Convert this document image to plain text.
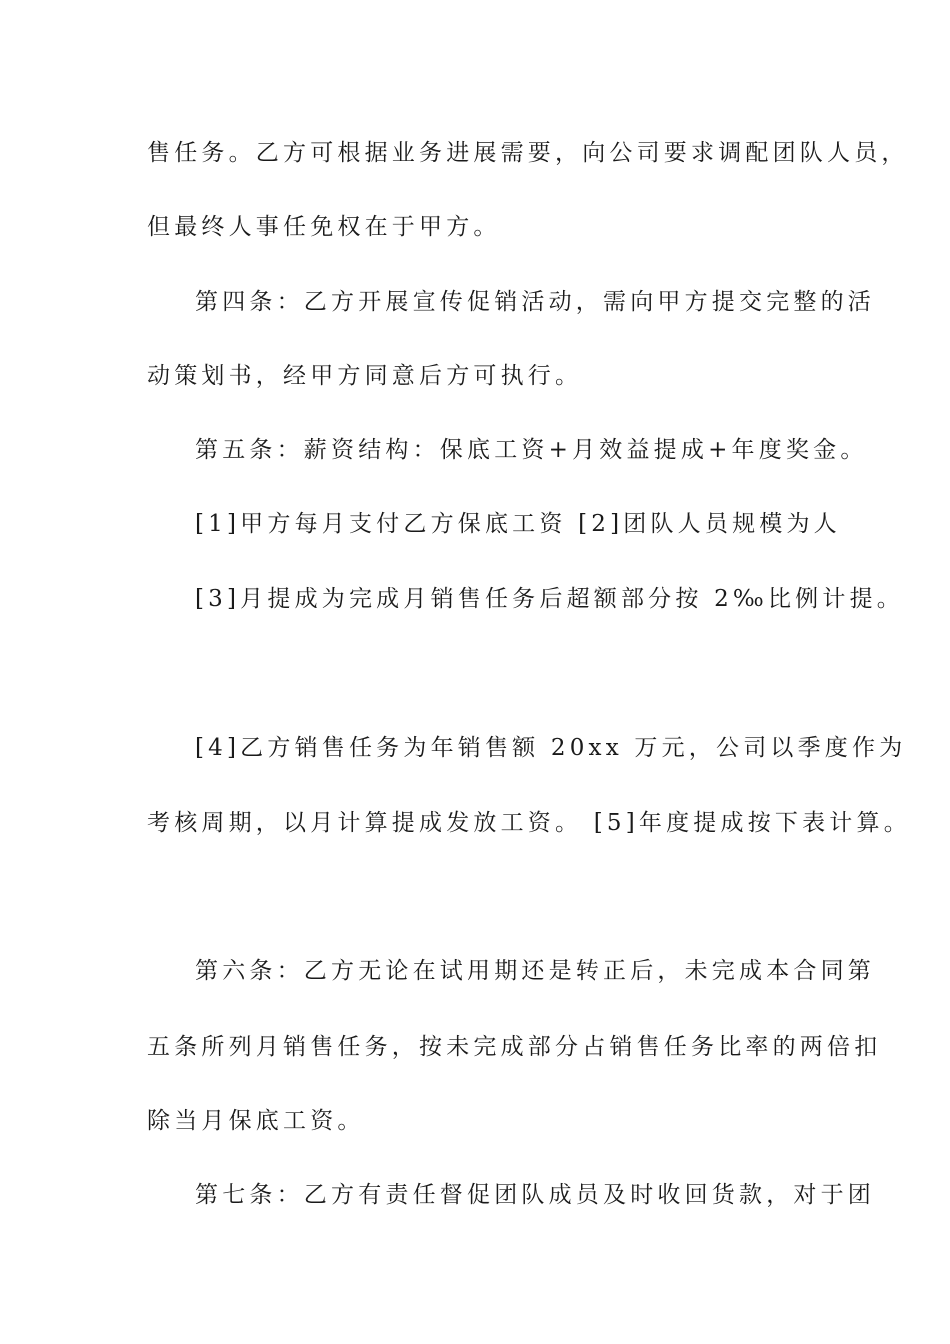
售任务。乙方可根据业务进展需要，向公司要求调配团队人员，
但最终人事任免权在于甲方。
第四条：乙方开展宣传促销活动，需向甲方提交完整的活
动策划书，经甲方同意后方可执行。
第五条：薪资结构：保底工资+月效益提成+年度奖金。
[1]甲方每月支付乙方保底工资 [2]团队人员规模为人
[3]月提成为完成月销售任务后超额部分按 2‰比例计提。
[4]乙方销售任务为年销售额 20xx 万元，公司以季度作为
考核周期，以月计算提成发放工资。 [5]年度提成按下表计算。
第六条：乙方无论在试用期还是转正后，未完成本合同第
五条所列月销售任务，按未完成部分占销售任务比率的两倍扣
除当月保底工资。
第七条：乙方有责任督促团队成员及时收回货款，对于团
